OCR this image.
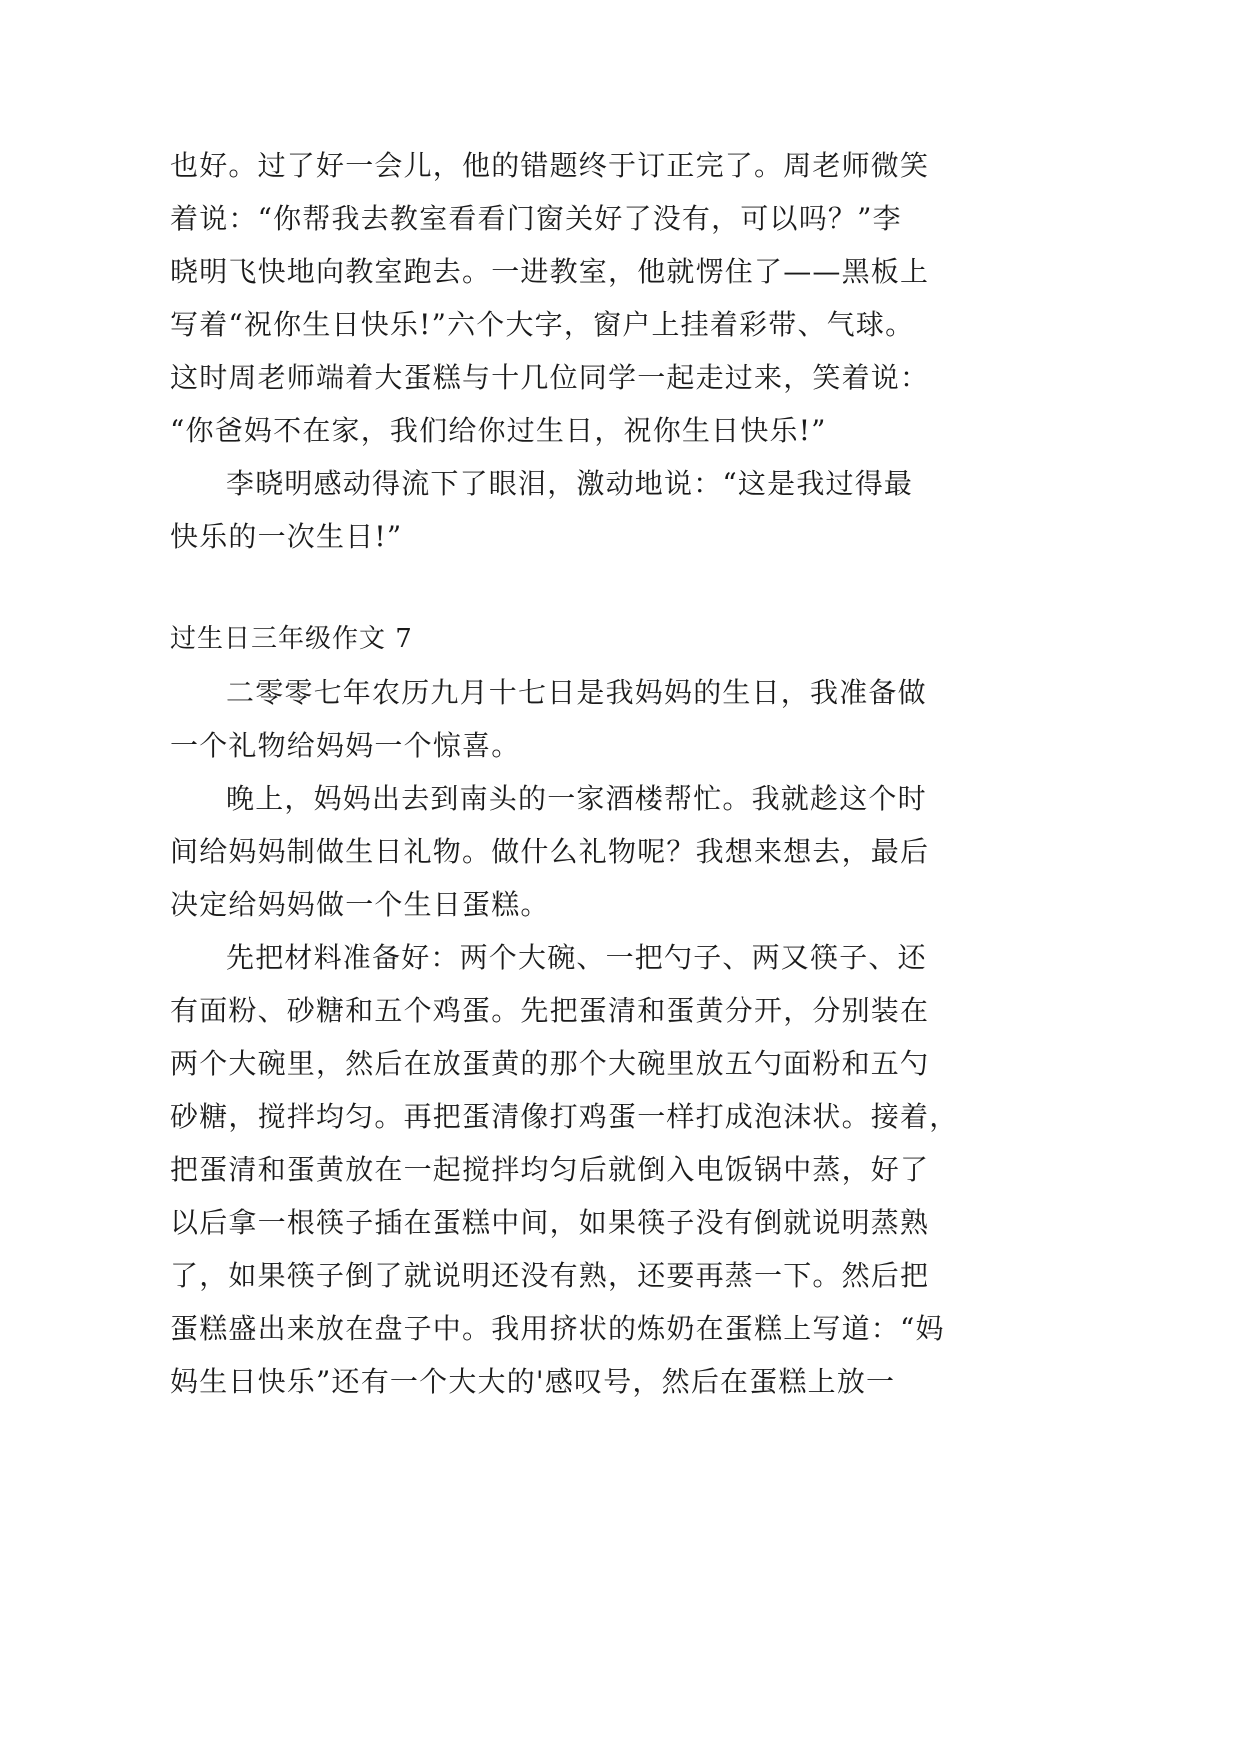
也好。过了好一会儿，他的错题终于订正完了。周老师微笑
着说：“你帮我去教室看看门窗关好了没有，可以吗？”李
晓明飞快地向教室跑去。一进教室，他就愣住了——黑板上
写着“祝你生日快乐!”六个大字，窗户上挂着彩带、气球。
这时周老师端着大蛋糕与十几位同学一起走过来，笑着说：
“你爸妈不在家，我们给你过生日，祝你生日快乐!”
李晓明感动得流下了眼泪，激动地说：“这是我过得最
快乐的一次生日!”
过生日三年级作文 7
二零零七年农历九月十七日是我妈妈的生日，我准备做
一个礼物给妈妈一个惊喜。
晚上，妈妈出去到南头的一家酒楼帮忙。我就趁这个时
间给妈妈制做生日礼物。做什么礼物呢？我想来想去，最后
决定给妈妈做一个生日蛋糕。
先把材料准备好：两个大碗、一把勺子、两又筷子、还
有面粉、砂糖和五个鸡蛋。先把蛋清和蛋黄分开，分别装在
两个大碗里，然后在放蛋黄的那个大碗里放五勺面粉和五勺
砂糖，搅拌均匀。再把蛋清像打鸡蛋一样打成泡沫状。接着，
把蛋清和蛋黄放在一起搅拌均匀后就倒入电饭锅中蒸，好了
以后拿一根筷子插在蛋糕中间，如果筷子没有倒就说明蒸熟
了，如果筷子倒了就说明还没有熟，还要再蒸一下。然后把
蛋糕盛出来放在盘子中。我用挤状的炼奶在蛋糕上写道：“妈
妈生日快乐”还有一个大大的'感叹号，然后在蛋糕上放一
